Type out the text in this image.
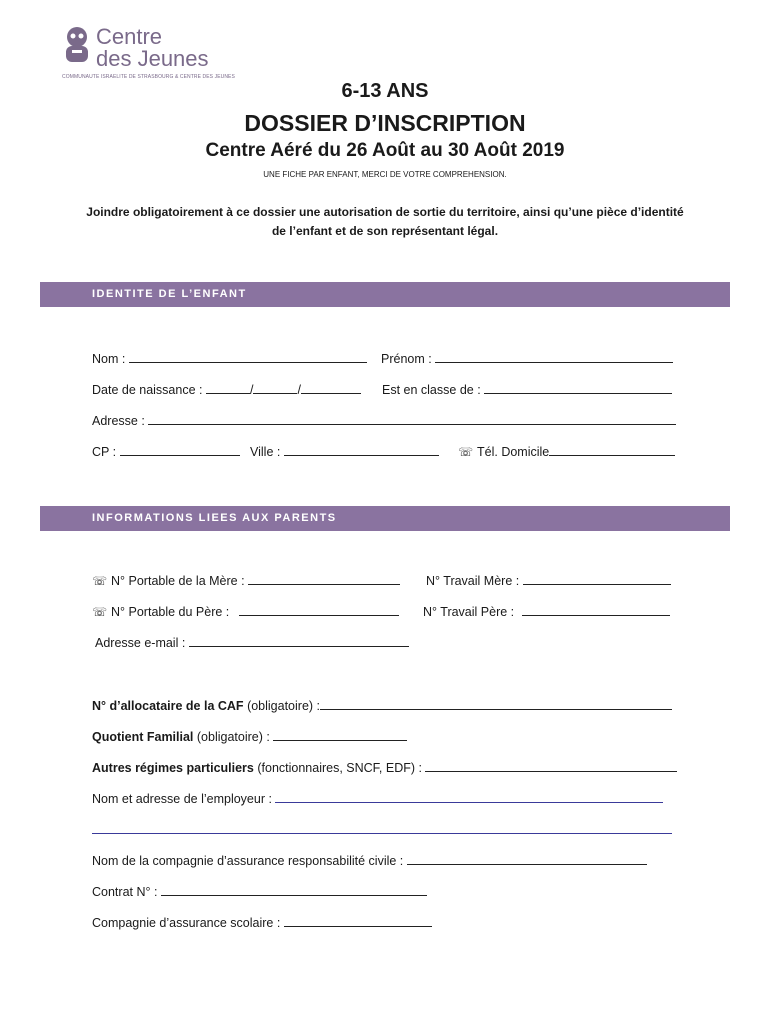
Centre
des Jeunes
COMMUNAUTE ISRAELITE DE STRASBOURG & CENTRE DES JEUNES
6-13 ANS
DOSSIER D’INSCRIPTION
Centre Aéré du 26 Août au 30 Août 2019
UNE FICHE PAR ENFANT, MERCI DE VOTRE COMPREHENSION.
Joindre obligatoirement à ce dossier une autorisation de sortie du territoire, ainsi qu’une pièce d’identité
de l’enfant et de son représentant légal.
IDENTITE DE L’ENFANT
Nom :	Prénom :
Date de naissance :	/	/	Est en classe de :
Adresse :
CP :	Ville :	☏ Tél. Domicile
INFORMATIONS LIEES AUX PARENTS
☏ N° Portable de la Mère :	N° Travail Mère :
☏ N° Portable du Père :	N° Travail Père :
Adresse e-mail :
N° d’allocataire de la CAF (obligatoire) :
Quotient Familial (obligatoire) :
Autres régimes particuliers (fonctionnaires, SNCF, EDF) :
Nom et adresse de l’employeur :
Nom de la compagnie d’assurance responsabilité civile :
Contrat N° :
Compagnie d’assurance scolaire :
